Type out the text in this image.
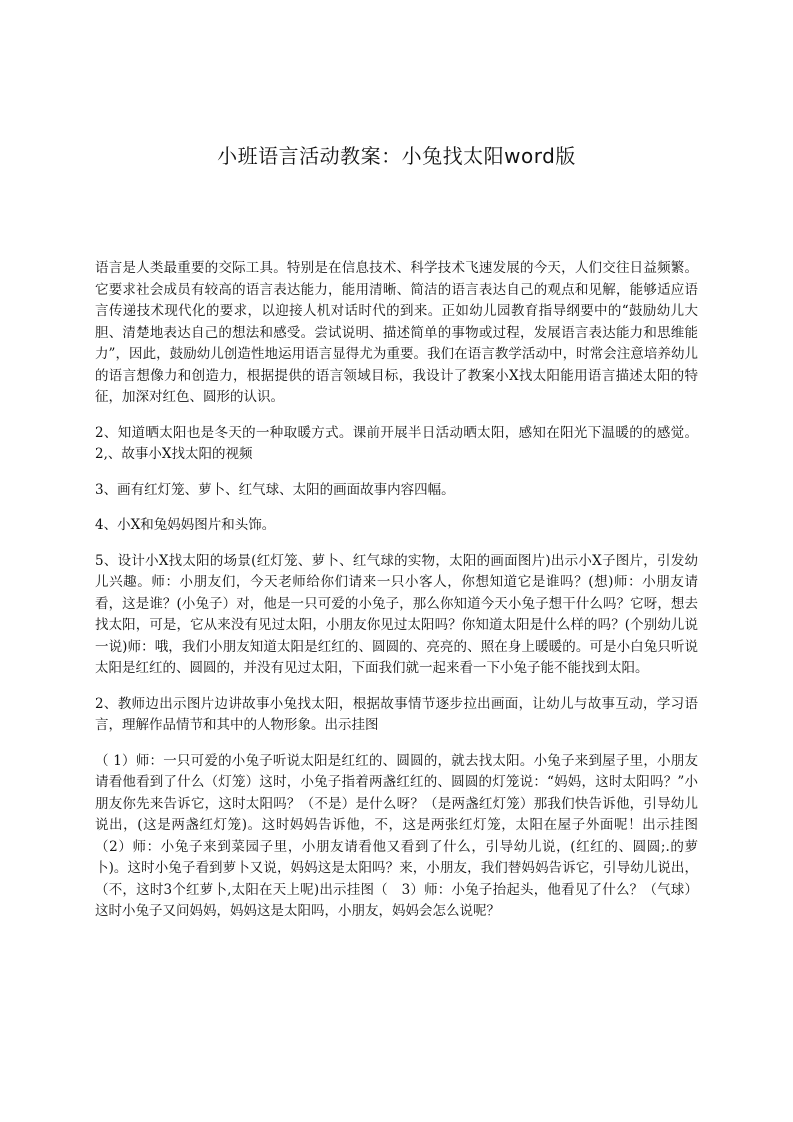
小班语言活动教案：小兔找太阳word版

语言是人类最重要的交际工具。特别是在信息技术、科学技术飞速发展的今天，人们交往日益频繁。它要求社会成员有较高的语言表达能力，能用清晰、简洁的语言表达自己的观点和见解，能够适应语言传递技术现代化的要求，以迎接人机对话时代的到来。正如幼儿园教育指导纲要中的“鼓励幼儿大胆、清楚地表达自己的想法和感受。尝试说明、描述简单的事物或过程，发展语言表达能力和思维能力”，因此，鼓励幼儿创造性地运用语言显得尤为重要。我们在语言教学活动中，时常会注意培养幼儿的语言想像力和创造力，根据提供的语言领域目标，我设计了教案小X找太阳能用语言描述太阳的特征，加深对红色、圆形的认识。

2、知道晒太阳也是冬天的一种取暖方式。课前开展半日活动晒太阳，感知在阳光下温暖的的感觉。2,、故事小X找太阳的视频

3、画有红灯笼、萝卜、红气球、太阳的画面故事内容四幅。

4、小X和兔妈妈图片和头饰。

5、设计小X找太阳的场景(红灯笼、萝卜、红气球的实物，太阳的画面图片)出示小X子图片，引发幼儿兴趣。师：小朋友们，今天老师给你们请来一只小客人，你想知道它是谁吗？(想)师：小朋友请看，这是谁？(小兔子）对，他是一只可爱的小兔子，那么你知道今天小兔子想干什么吗？它呀，想去找太阳，可是，它从来没有见过太阳，小朋友你见过太阳吗？你知道太阳是什么样的吗？(个别幼儿说一说)师：哦，我们小朋友知道太阳是红红的、圆圆的、亮亮的、照在身上暖暖的。可是小白兔只听说太阳是红红的、圆圆的，并没有见过太阳，下面我们就一起来看一下小兔子能不能找到太阳。

2、教师边出示图片边讲故事小兔找太阳，根据故事情节逐步拉出画面，让幼儿与故事互动，学习语言，理解作品情节和其中的人物形象。出示挂图

（ 1）师：一只可爱的小兔子听说太阳是红红的、圆圆的，就去找太阳。小兔子来到屋子里，小朋友请看他看到了什么（灯笼）这时，小兔子指着两盏红红的、圆圆的灯笼说：“妈妈，这时太阳吗？”小朋友你先来告诉它，这时太阳吗？（不是）是什么呀？（是两盏红灯笼）那我们快告诉他，引导幼儿说出，(这是两盏红灯笼)。这时妈妈告诉他，不，这是两张红灯笼，太阳在屋子外面呢！出示挂图（2）师：小兔子来到菜园子里，小朋友请看他又看到了什么，引导幼儿说，(红红的、圆圆;.的萝卜)。这时小兔子看到萝卜又说，妈妈这是太阳吗？来，小朋友，我们替妈妈告诉它，引导幼儿说出，（不，这时3个红萝卜,太阳在天上呢)出示挂图（　3）师：小兔子抬起头，他看见了什么？（气球）这时小兔子又问妈妈，妈妈这是太阳吗，小朋友，妈妈会怎么说呢？
